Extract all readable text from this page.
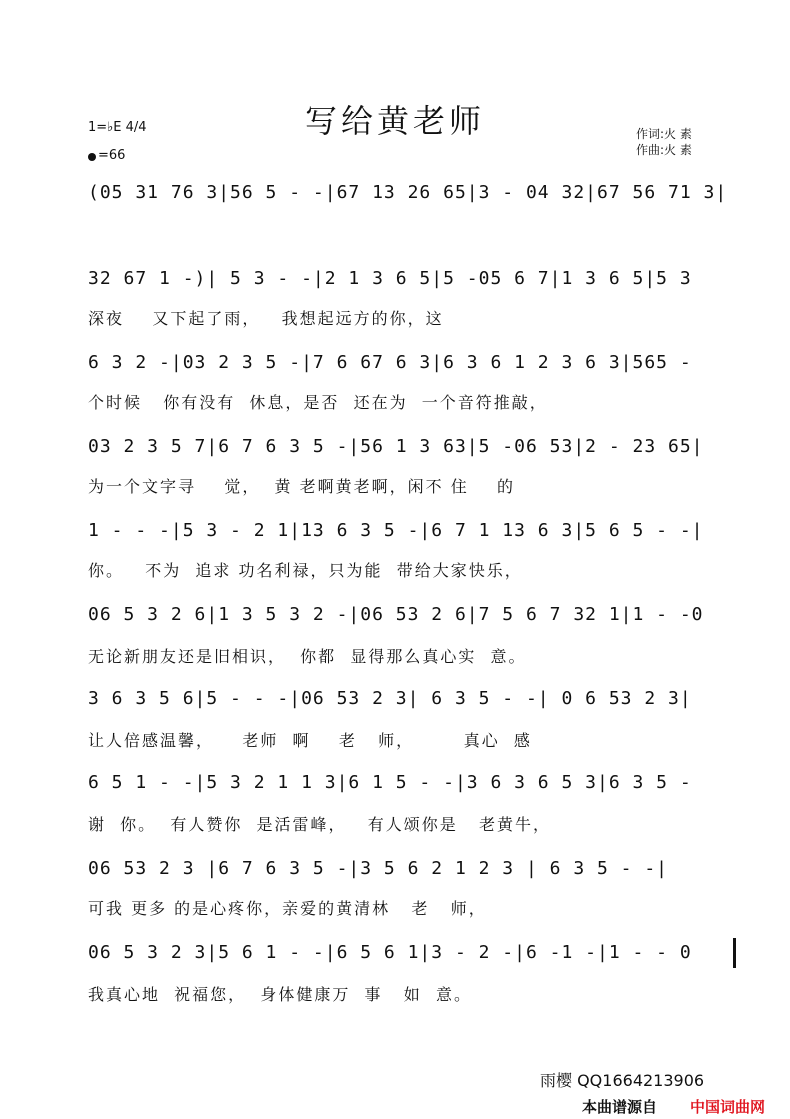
写给黄老师
1=♭E 4/4
=66
作词:火 素
作曲:火 素
(05 31 76 3|56 5 - -|67 13 26 65|3 - 04 32|67 56 71 3|
32 67 1 -)| 5 3 - -|2 1 3 6 5|5 -05 6 7|1 3 6 5|5 3
深夜    又下起了雨，   我想起远方的你，这
6 3 2 -|03 2 3 5 -|7 6 67 6 3|6 3 6 1 2 3 6 3|565 -
个时候   你有没有  休息，是否  还在为  一个音符推敲，
03 2 3 5 7|6 7 6 3 5 -|56 1 3 63|5 -06 53|2 - 23 65|
为一个文字寻    觉，  黄 老啊黄老啊，闲不 住    的
1 - - -|5 3 - 2 1|13 6 3 5 -|6 7 1 13 6 3|5 6 5 - -|
你。   不为  追求 功名利禄，只为能  带给大家快乐，
06 5 3 2 6|1 3 5 3 2 -|06 53 2 6|7 5 6 7 32 1|1 - -0
无论新朋友还是旧相识，  你都  显得那么真心实  意。
3 6 3 5 6|5 - - -|06 53 2 3| 6 3 5 - -| 0 6 53 2 3|
让人倍感温馨，    老师  啊    老   师，       真心  感
6 5 1 - -|5 3 2 1 1 3|6 1 5 - -|3 6 3 6 5 3|6 3 5 -
谢  你。  有人赞你  是活雷峰，   有人颂你是   老黄牛，
06 53 2 3 |6 7 6 3 5 -|3 5 6 2 1 2 3 | 6 3 5 - -|
可我 更多 的是心疼你，亲爱的黄清林   老   师，
06 5 3 2 3|5 6 1 - -|6 5 6 1|3 - 2 -|6 -1 -|1 - - 0
我真心地  祝福您，  身体健康万  事   如  意。
雨樱 QQ1664213906
本曲谱源自 中国词曲网
